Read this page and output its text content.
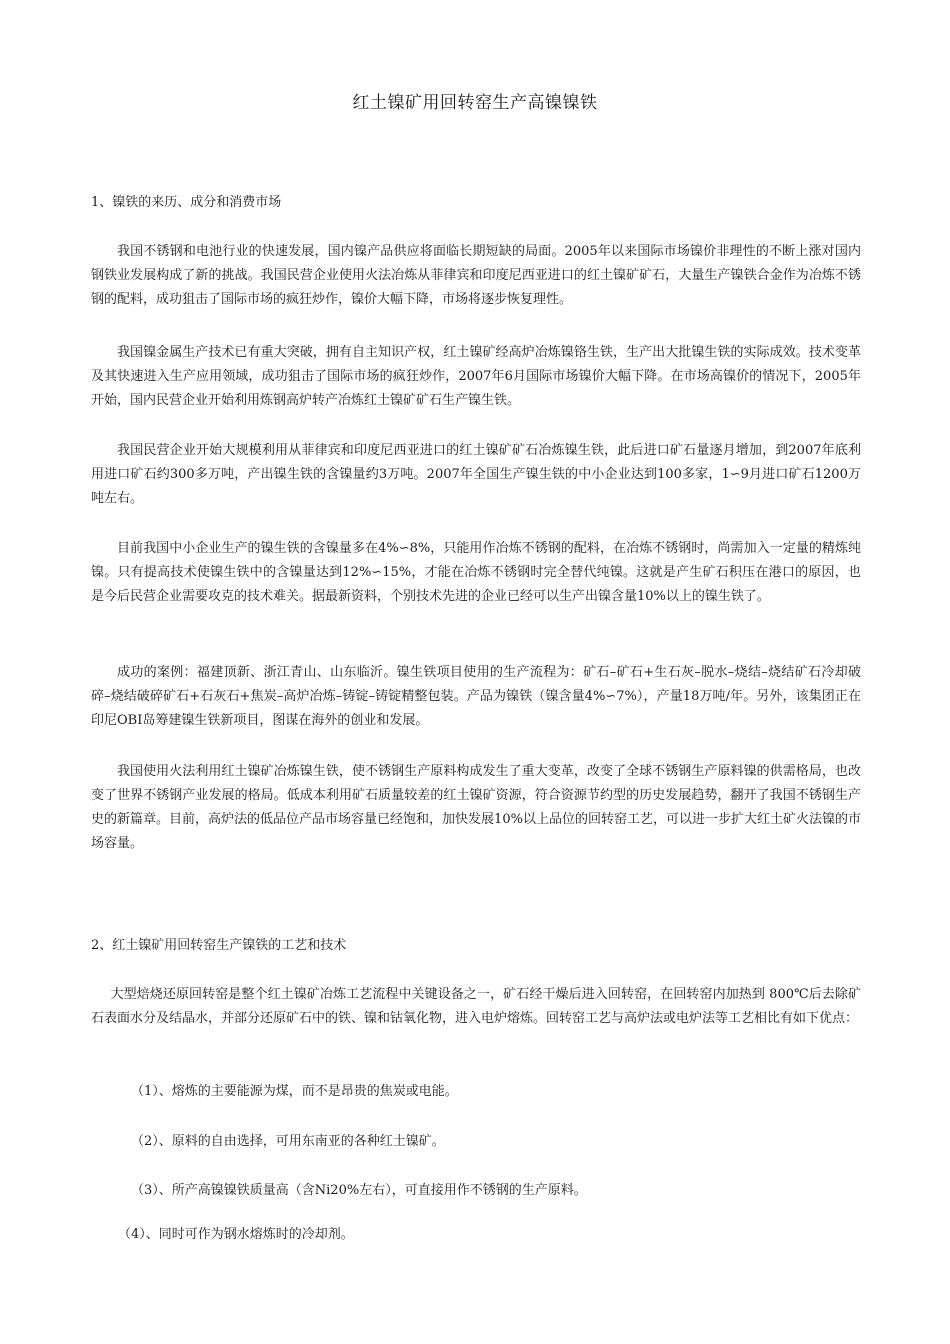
红土镍矿用回转窑生产高镍镍铁
1、镍铁的来历、成分和消费市场

我国不锈钢和电池行业的快速发展，国内镍产品供应将面临长期短缺的局面。2005年以来国际市场镍价非理性的不断上涨对国内钢铁业发展构成了新的挑战。我国民营企业使用火法冶炼从菲律宾和印度尼西亚进口的红土镍矿矿石，大量生产镍铁合金作为冶炼不锈钢的配料，成功狙击了国际市场的疯狂炒作，镍价大幅下降，市场将逐步恢复理性。

我国镍金属生产技术已有重大突破，拥有自主知识产权，红土镍矿经高炉冶炼镍铬生铁，生产出大批镍生铁的实际成效。技术变革及其快速进入生产应用领域，成功狙击了国际市场的疯狂炒作，2007年6月国际市场镍价大幅下降。在市场高镍价的情况下，2005年开始，国内民营企业开始利用炼钢高炉转产冶炼红土镍矿矿石生产镍生铁。

我国民营企业开始大规模利用从菲律宾和印度尼西亚进口的红土镍矿矿石冶炼镍生铁，此后进口矿石量逐月增加，到2007年底利用进口矿石约300多万吨，产出镍生铁的含镍量约3万吨。2007年全国生产镍生铁的中小企业达到100多家，1∽9月进口矿石1200万吨左右。

目前我国中小企业生产的镍生铁的含镍量多在4%∽8%，只能用作冶炼不锈钢的配料，在冶炼不锈钢时，尚需加入一定量的精炼纯镍。只有提高技术使镍生铁中的含镍量达到12%∽15%，才能在冶炼不锈钢时完全替代纯镍。这就是产生矿石积压在港口的原因，也是今后民营企业需要攻克的技术难关。据最新资料，个别技术先进的企业已经可以生产出镍含量10%以上的镍生铁了。

成功的案例：福建顶新、浙江青山、山东临沂。镍生铁项目使用的生产流程为：矿石–矿石+生石灰–脱水–烧结–烧结矿石冷却破碎–烧结破碎矿石+石灰石+焦炭–高炉冶炼–铸锭–铸锭精整包装。产品为镍铁（镍含量4%∽7%），产量18万吨/年。另外，该集团正在印尼OBI岛筹建镍生铁新项目，图谋在海外的创业和发展。

我国使用火法利用红土镍矿冶炼镍生铁，使不锈钢生产原料构成发生了重大变革，改变了全球不锈钢生产原料镍的供需格局，也改变了世界不锈钢产业发展的格局。低成本利用矿石质量较差的红土镍矿资源，符合资源节约型的历史发展趋势，翻开了我国不锈钢生产史的新篇章。目前，高炉法的低品位产品市场容量已经饱和，加快发展10%以上品位的回转窑工艺，可以进一步扩大红土矿火法镍的市场容量。

2、红土镍矿用回转窑生产镍铁的工艺和技术

大型焙烧还原回转窑是整个红土镍矿冶炼工艺流程中关键设备之一，矿石经干燥后进入回转窑，在回转窑内加热到 800℃后去除矿石表面水分及结晶水，并部分还原矿石中的铁、镍和钴氧化物，进入电炉熔炼。回转窑工艺与高炉法或电炉法等工艺相比有如下优点：

（1）、熔炼的主要能源为煤，而不是昂贵的焦炭或电能。
（2）、原料的自由选择，可用东南亚的各种红土镍矿。
（3）、所产高镍镍铁质量高（含Ni20%左右），可直接用作不锈钢的生产原料。
（4）、同时可作为钢水熔炼时的冷却剂。
